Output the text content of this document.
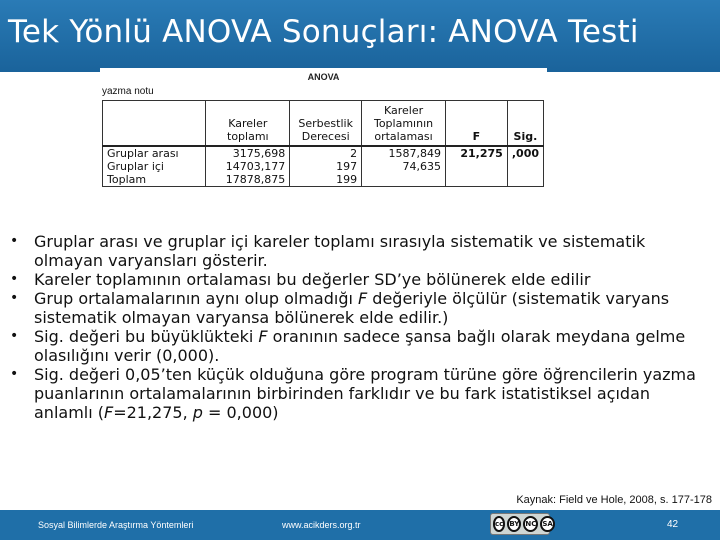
Tek Yönlü ANOVA Sonuçları: ANOVA Testi
ANOVA
yazma notu
	Kareler toplamı	Serbestlik Derecesi	Kareler Toplamının ortalaması	F	Sig.
Gruplar arası	3175,698	2	1587,849	21,275	,000
Gruplar içi	14703,177	197	74,635		
Toplam	17878,875	199			
• Gruplar arası ve gruplar içi kareler toplamı sırasıyla sistematik ve sistematik olmayan varyansları gösterir.
• Kareler toplamının ortalaması bu değerler SD’ye bölünerek elde edilir
• Grup ortalamalarının aynı olup olmadığı F değeriyle ölçülür (sistematik varyans sistematik olmayan varyansa bölünerek elde edilir.)
• Sig. değeri bu büyüklükteki F oranının sadece şansa bağlı olarak meydana gelme olasılığını verir (0,000).
• Sig. değeri 0,05’ten küçük olduğuna göre program türüne göre öğrencilerin yazma puanlarının ortalamalarının birbirinden farklıdır ve bu fark istatistiksel açıdan anlamlı (F=21,275, p = 0,000)
Kaynak: Field ve Hole, 2008, s. 177-178
Sosyal Bilimlerde Araştırma Yöntemleri	www.acikders.org.tr	cc BY NC SA	42
